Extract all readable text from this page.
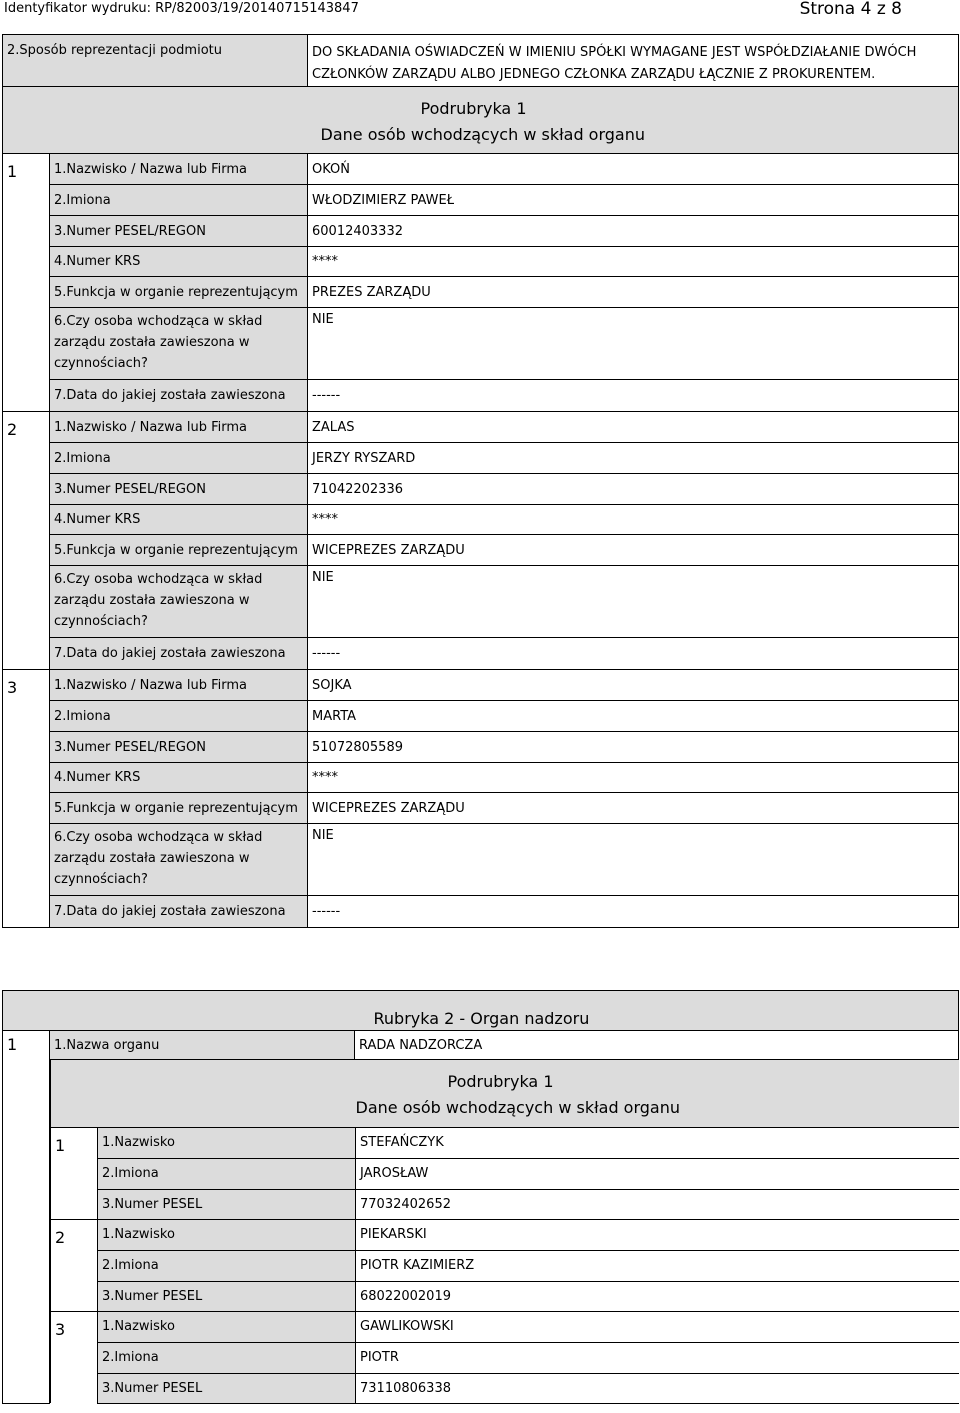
Identyfikator wydruku: RP/82003/19/20140715143847	Strona 4 z 8
2.Sposób reprezentacji podmiotu	DO SKŁADANIA OŚWIADCZEŃ W IMIENIU SPÓŁKI WYMAGANE JEST WSPÓŁDZIAŁANIE DWÓCH
CZŁONKÓW ZARZĄDU ALBO JEDNEGO CZŁONKA ZARZĄDU ŁĄCZNIE Z PROKURENTEM.

Podrubryka 1
Dane osób wchodzących w skład organu
1	1.Nazwisko / Nazwa lub Firma	OKOŃ
	2.Imiona	WŁODZIMIERZ PAWEŁ
	3.Numer PESEL/REGON	60012403332
	4.Numer KRS	****
	5.Funkcja w organie reprezentującym	PREZES ZARZĄDU

	6.Czy osoba wchodząca w skład
zarządu została zawieszona w
czynnościach?	NIE
	7.Data do jakiej została zawieszona	------
2	1.Nazwisko / Nazwa lub Firma	ZALAS
	2.Imiona	JERZY RYSZARD
	3.Numer PESEL/REGON	71042202336
	4.Numer KRS	****
	5.Funkcja w organie reprezentującym	WICEPREZES ZARZĄDU

	6.Czy osoba wchodząca w skład
zarządu została zawieszona w
czynnościach?	NIE
	7.Data do jakiej została zawieszona	------
3	1.Nazwisko / Nazwa lub Firma	SOJKA
	2.Imiona	MARTA
	3.Numer PESEL/REGON	51072805589
	4.Numer KRS	****
	5.Funkcja w organie reprezentującym	WICEPREZES ZARZĄDU

	6.Czy osoba wchodząca w skład
zarządu została zawieszona w
czynnościach?	NIE
	7.Data do jakiej została zawieszona	------
	Rubryka 2 - Organ nadzoru
1	1.Nazwa organu	RADA NADZORCZA

Podrubryka 1
Dane osób wchodzących w skład organu

1	1.Nazwisko	STEFAŃCZYK
2.Imiona	JAROSŁAW
3.Numer PESEL	77032402652
2	1.Nazwisko	PIEKARSKI
2.Imiona	PIOTR KAZIMIERZ
3.Numer PESEL	68022002019
3	1.Nazwisko	GAWLIKOWSKI
2.Imiona	PIOTR
3.Numer PESEL	73110806338
